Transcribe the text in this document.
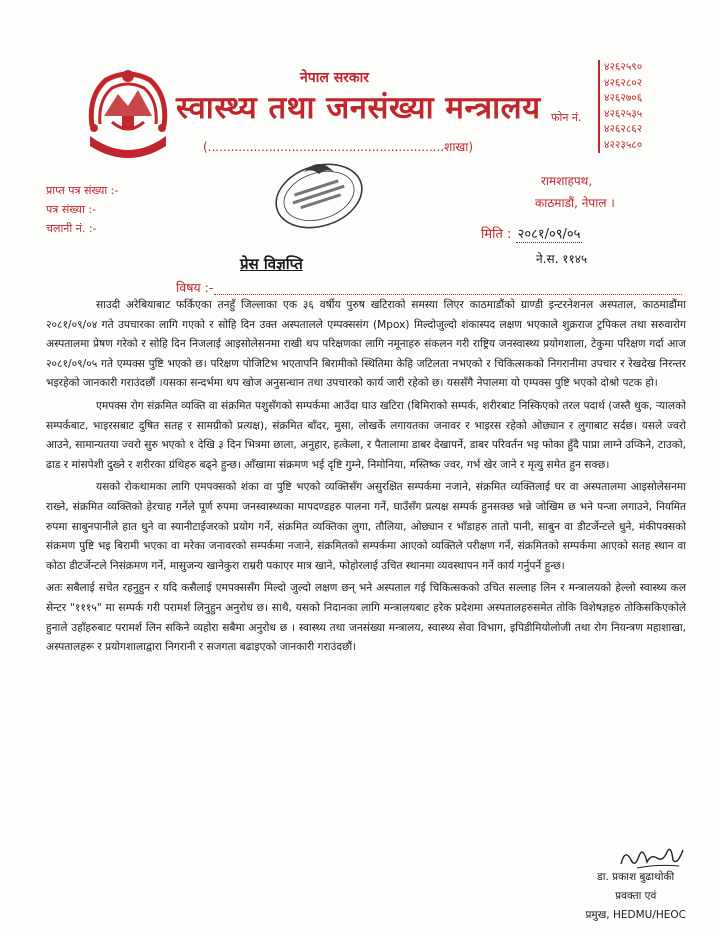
नेपाल सरकार
स्वास्थ्य तथा जनसंख्या मन्त्रालय
(..............................................................शाखा)
फोन नं.
४२६२५९०
४२६२८०२
४२६२७०६
४२६२५३५
४२६२८६२
४२२३५८०
रामशाहपथ,
काठमाडौं, नेपाल ।
प्राप्त पत्र संख्या :-
पत्र संख्या :-
चलानी नं. :-	मिति : २०८१/०९/०५
ने.स. ११४५
प्रेस विज्ञप्ति
विषय :-

साउदी अरेबियाबाट फर्किएका तनहुँ जिल्लाका एक ३६ वर्षीय पुरुष खटिराको समस्या लिएर काठमाडौंको ग्राण्डी इन्टरनेशनल अस्पताल, काठमाडौंमा २०८१/०९/०४ गते उपचारका लागि गएको र सोहि दिन उक्त अस्पतालले एम्पक्ससंग (Mpox) मिल्दोजुल्दो शंकास्पद लक्षण भएकाले शुक्रराज ट्रपिकल तथा सरुवारोग अस्पतालमा प्रेषण गरेको र सोहि दिन निजलाई आइसोलेसनमा राखी थप परिक्षणका लागि नमूनाहरु संकलन गरी राष्ट्रिय जनस्वास्थ्य प्रयोगशाला, टेकुमा परिक्षण गर्दा आज २०८१/०९/०५ गते एम्पक्स पुष्टि भएको छ। परिक्षण पोजिटिभ भएतापनि बिरामीको स्थितिमा केहि जटिलता नभएको र चिकित्सकको निगरानीमा उपचार र रेखदेख निरन्तर भइरहेको जानकारी गराउंदछौं ।यसका सन्दर्भमा थप खोज अनुसन्धान तथा उपचारको कार्य जारी रहेको छ। यससँगै नेपालमा यो एम्पक्स पुष्टि भएको दोश्रो पटक हो।

एमपक्स रोग संक्रमित व्यक्ति वा संक्रमित पशुसँगको सम्पर्कमा आउँदा घाउ खटिरा (बिमिराको सम्पर्क, शरीरबाट निस्किएको तरल पदार्थ (जस्तै थुक, र्‍यालको सम्पर्कबाट, भाइरसबाट दुषित सतह र सामग्रीको प्रत्यक्ष), संक्रमित बाँदर, मुसा, लोखर्के लगायतका जनावर र भाइरस रहेको ओछ्यान र लुगाबाट सर्दछ। यसले ज्वरो आउने, सामान्यतया ज्वरो सुरु भएको १ देखि ३ दिन भित्रमा छाला, अनुहार, हत्केला, र पैतालामा डाबर देखापर्ने, डाबर परिवर्तन भइ फोका हुँदै पाप्रा लाग्ने उप्किने, टाउको, ढाड र मांसपेशी दुख्ने र शरीरका ग्रंथिहरु बढ्ने हुन्छ। आँखामा संक्रमण भई दृष्टि गुम्ने, निमोनिया, मस्तिष्क ज्वर, गर्भ खेर जाने र मृत्यु समेत हुन सक्छ।

यसको रोकथामका लागि एमपक्सको शंका वा पुष्टि भएको व्यक्तिसँग असुरक्षित सम्पर्कमा नजाने, संक्रमित व्यक्तिलाई घर वा अस्पतालमा आइसोलेसनमा राख्ने, संक्रमित व्यक्तिको हेरचाह गर्नेले पूर्ण रुपमा जनस्वास्थ्यका मापदण्डहरु पालना गर्ने, घाउँसँग प्रत्यक्ष सम्पर्क हुनसक्छ भन्ने जोखिम छ भने पन्जा लगाउने, नियमित रुपमा साबुनपानीले हात धुने वा स्यानीटाईजरको प्रयोग गर्ने, संक्रमित व्यक्तिका लुगा, तौलिया, ओछ्यान र भाँडाहरु तातो पानी, साबुन वा डीटर्जेन्टले धुने, मंकीपक्सको संक्रमण पुष्टि भइ बिरामी भएका वा मरेका जनावरको सम्पर्कमा नजाने, संक्रमितको सम्पर्कमा आएको व्यक्तिले परीक्षण गर्ने, संक्रमितको सम्पर्कमा आएको सतह स्थान वा कोठा डीटर्जेन्टले निसंक्रमण गर्ने, मासुजन्य खानेकुरा राम्ररी पकाएर मात्र खाने, फोहोरलाई उचित स्थानमा व्यवस्थापन गर्ने कार्य गर्नुपर्ने हुन्छ।

अतः सबैलाई सचेत रहनुहुन र यदि कसैलाई एमपक्ससँग मिल्दो जुल्दो लक्षण छन् भने अस्पताल गई चिकित्सकको उचित सल्लाह लिन र मन्त्रालयको हेल्लो स्वास्थ्य कल सेन्टर "१११५" मा सम्पर्क गरी परामर्श लिनुहुन अनुरोध छ। साथै, यसको निदानका लागि मन्त्रालयबाट हरेक प्रदेशमा अस्पतालहरुसमेत तोकि विशेषज्ञहरु तोकिसकिएकोले हुनाले उहाँहरुबाट परामर्श लिन सकिने व्यहोरा सबैमा अनुरोध छ । स्वास्थ्य तथा जनसंख्या मन्त्रालय, स्वास्थ्य सेवा विभाग, इपिडीमियोलोजी तथा रोग नियन्त्रण महाशाखा, अस्पतालहरू र प्रयोगशालाद्वारा निगरानी र सजगता बढाइएको जानकारी गराउंदछौं।

डा. प्रकाश बुढाथोकी
प्रवक्ता एवं
प्रमुख, HEDMU/HEOC
